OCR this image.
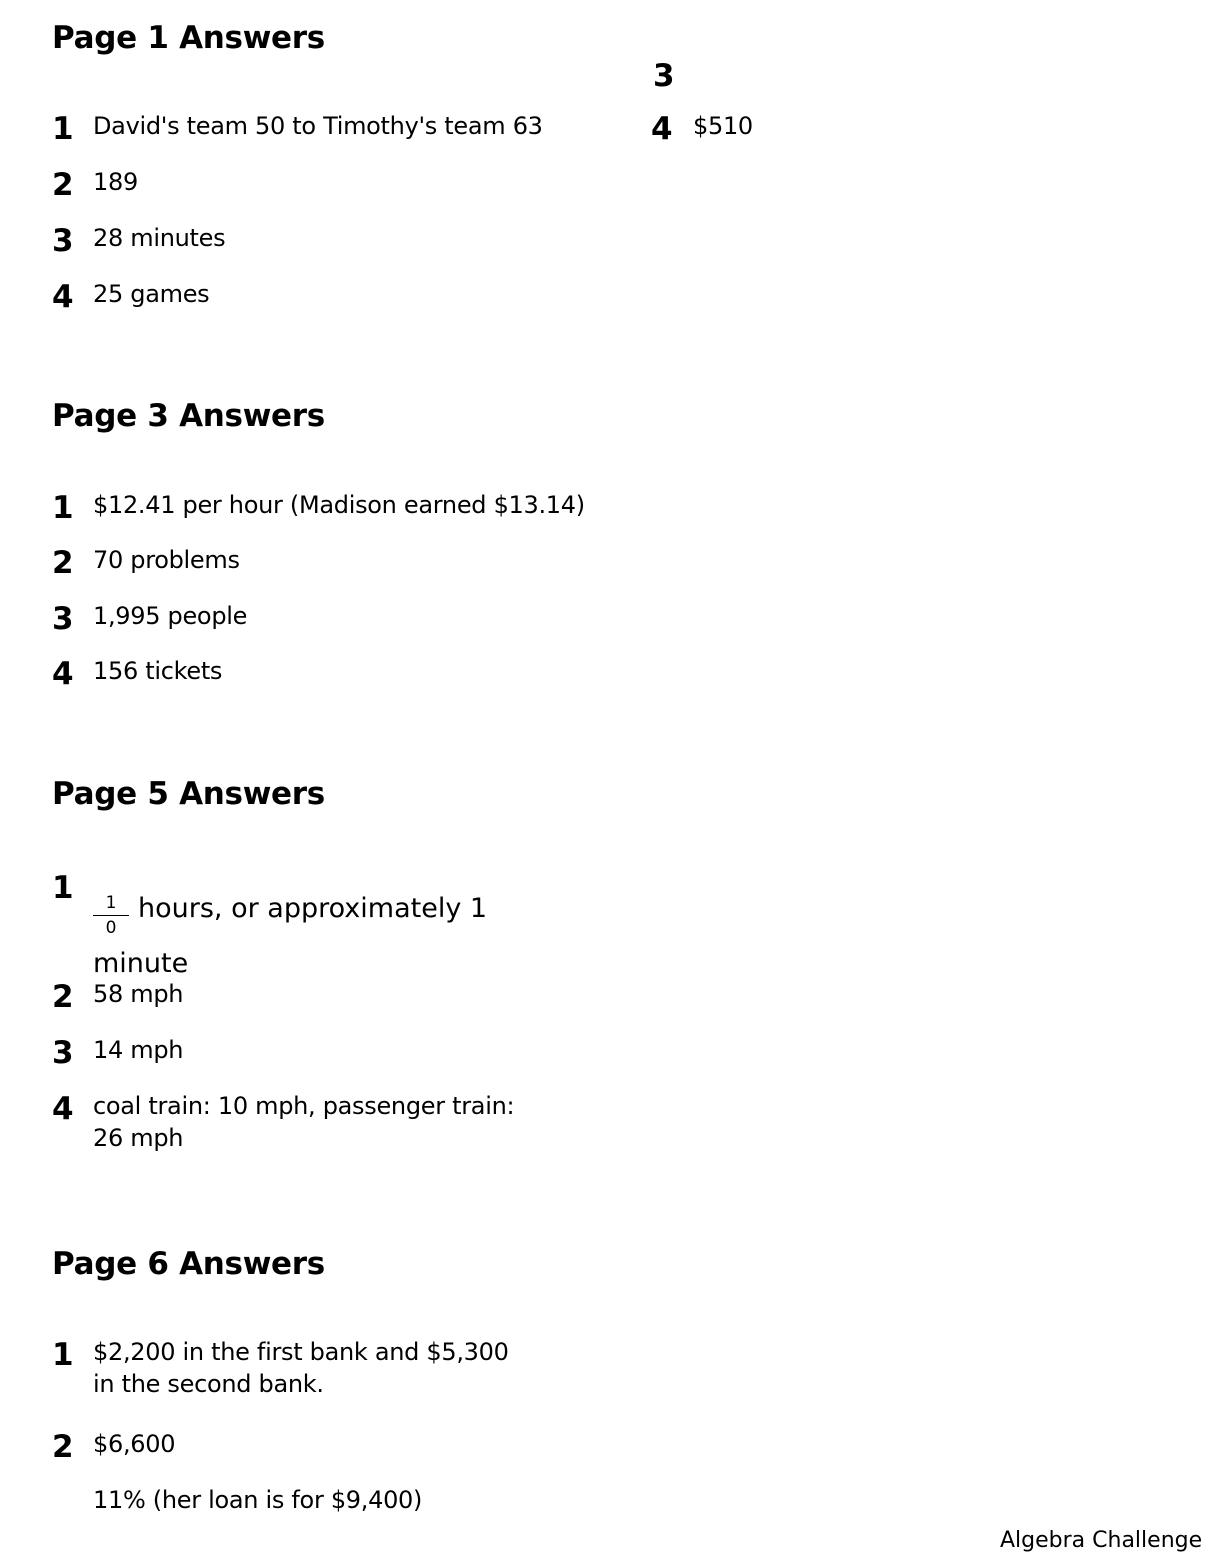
Page 1 Answers
1 David's team 50 to Timothy's team 63
2 189
3 28 minutes
4 25 games
3
4 $510
Page 3 Answers
1 $12.41 per hour (Madison earned $13.14)
2 70 problems
3 1,995 people
4 156 tickets
Page 5 Answers
1	1
0
hours, or approximately 1
minute
2 58 mph
3 14 mph
4 coal train: 10 mph, passenger train: 26 mph
Page 6 Answers
1 $2,200 in the first bank and $5,300 in the second bank.
2 $6,600
3 11% (her loan is for $9,400)
Algebra Challenge
